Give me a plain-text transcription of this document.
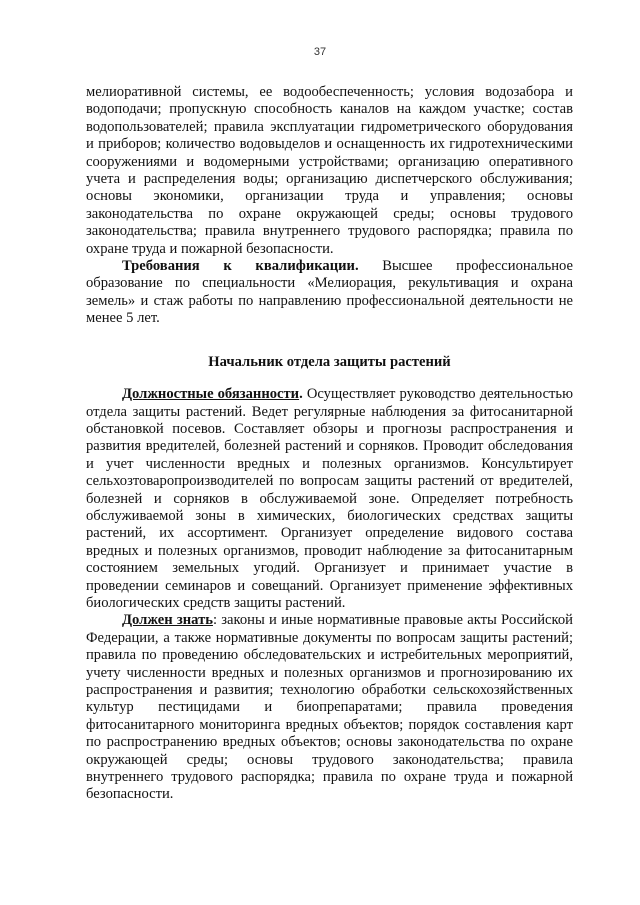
37

мелиоративной системы, ее водообеспеченность; условия водозабора и водоподачи; пропускную способность каналов на каждом участке; состав водопользователей; правила эксплуатации гидрометрического оборудования и приборов; количество водовыделов и оснащенность их гидротехническими сооружениями и водомерными устройствами; организацию оперативного учета и распределения воды; организацию диспетчерского обслуживания; основы экономики, организации труда и управления; основы законодательства по охране окружающей среды; основы трудового законодательства; правила внутреннего трудового распорядка; правила по охране труда и пожарной безопасности.

Требования к квалификации. Высшее профессиональное образование по специальности «Мелиорация, рекультивация и охрана земель» и стаж работы по направлению профессиональной деятельности не менее 5 лет.

Начальник отдела защиты растений

Должностные обязанности. Осуществляет руководство деятельностью отдела защиты растений. Ведет регулярные наблюдения за фитосанитарной обстановкой посевов. Составляет обзоры и прогнозы распространения и развития вредителей, болезней растений и сорняков. Проводит обследования и учет численности вредных и полезных организмов. Консультирует сельхозтоваропроизводителей по вопросам защиты растений от вредителей, болезней и сорняков в обслуживаемой зоне. Определяет потребность обслуживаемой зоны в химических, биологических средствах защиты растений, их ассортимент. Организует определение видового состава вредных и полезных организмов, проводит наблюдение за фитосанитарным состоянием земельных угодий. Организует и принимает участие в проведении семинаров и совещаний. Организует применение эффективных биологических средств защиты растений.

Должен знать: законы и иные нормативные правовые акты Российской Федерации, а также нормативные документы по вопросам защиты растений; правила по проведению обследовательских и истребительных мероприятий, учету численности вредных и полезных организмов и прогнозированию их распространения и развития; технологию обработки сельскохозяйственных культур пестицидами и биопрепаратами; правила проведения фитосанитарного мониторинга вредных объектов; порядок составления карт по распространению вредных объектов; основы законодательства по охране окружающей среды; основы трудового законодательства; правила внутреннего трудового распорядка; правила по охране труда и пожарной безопасности.
